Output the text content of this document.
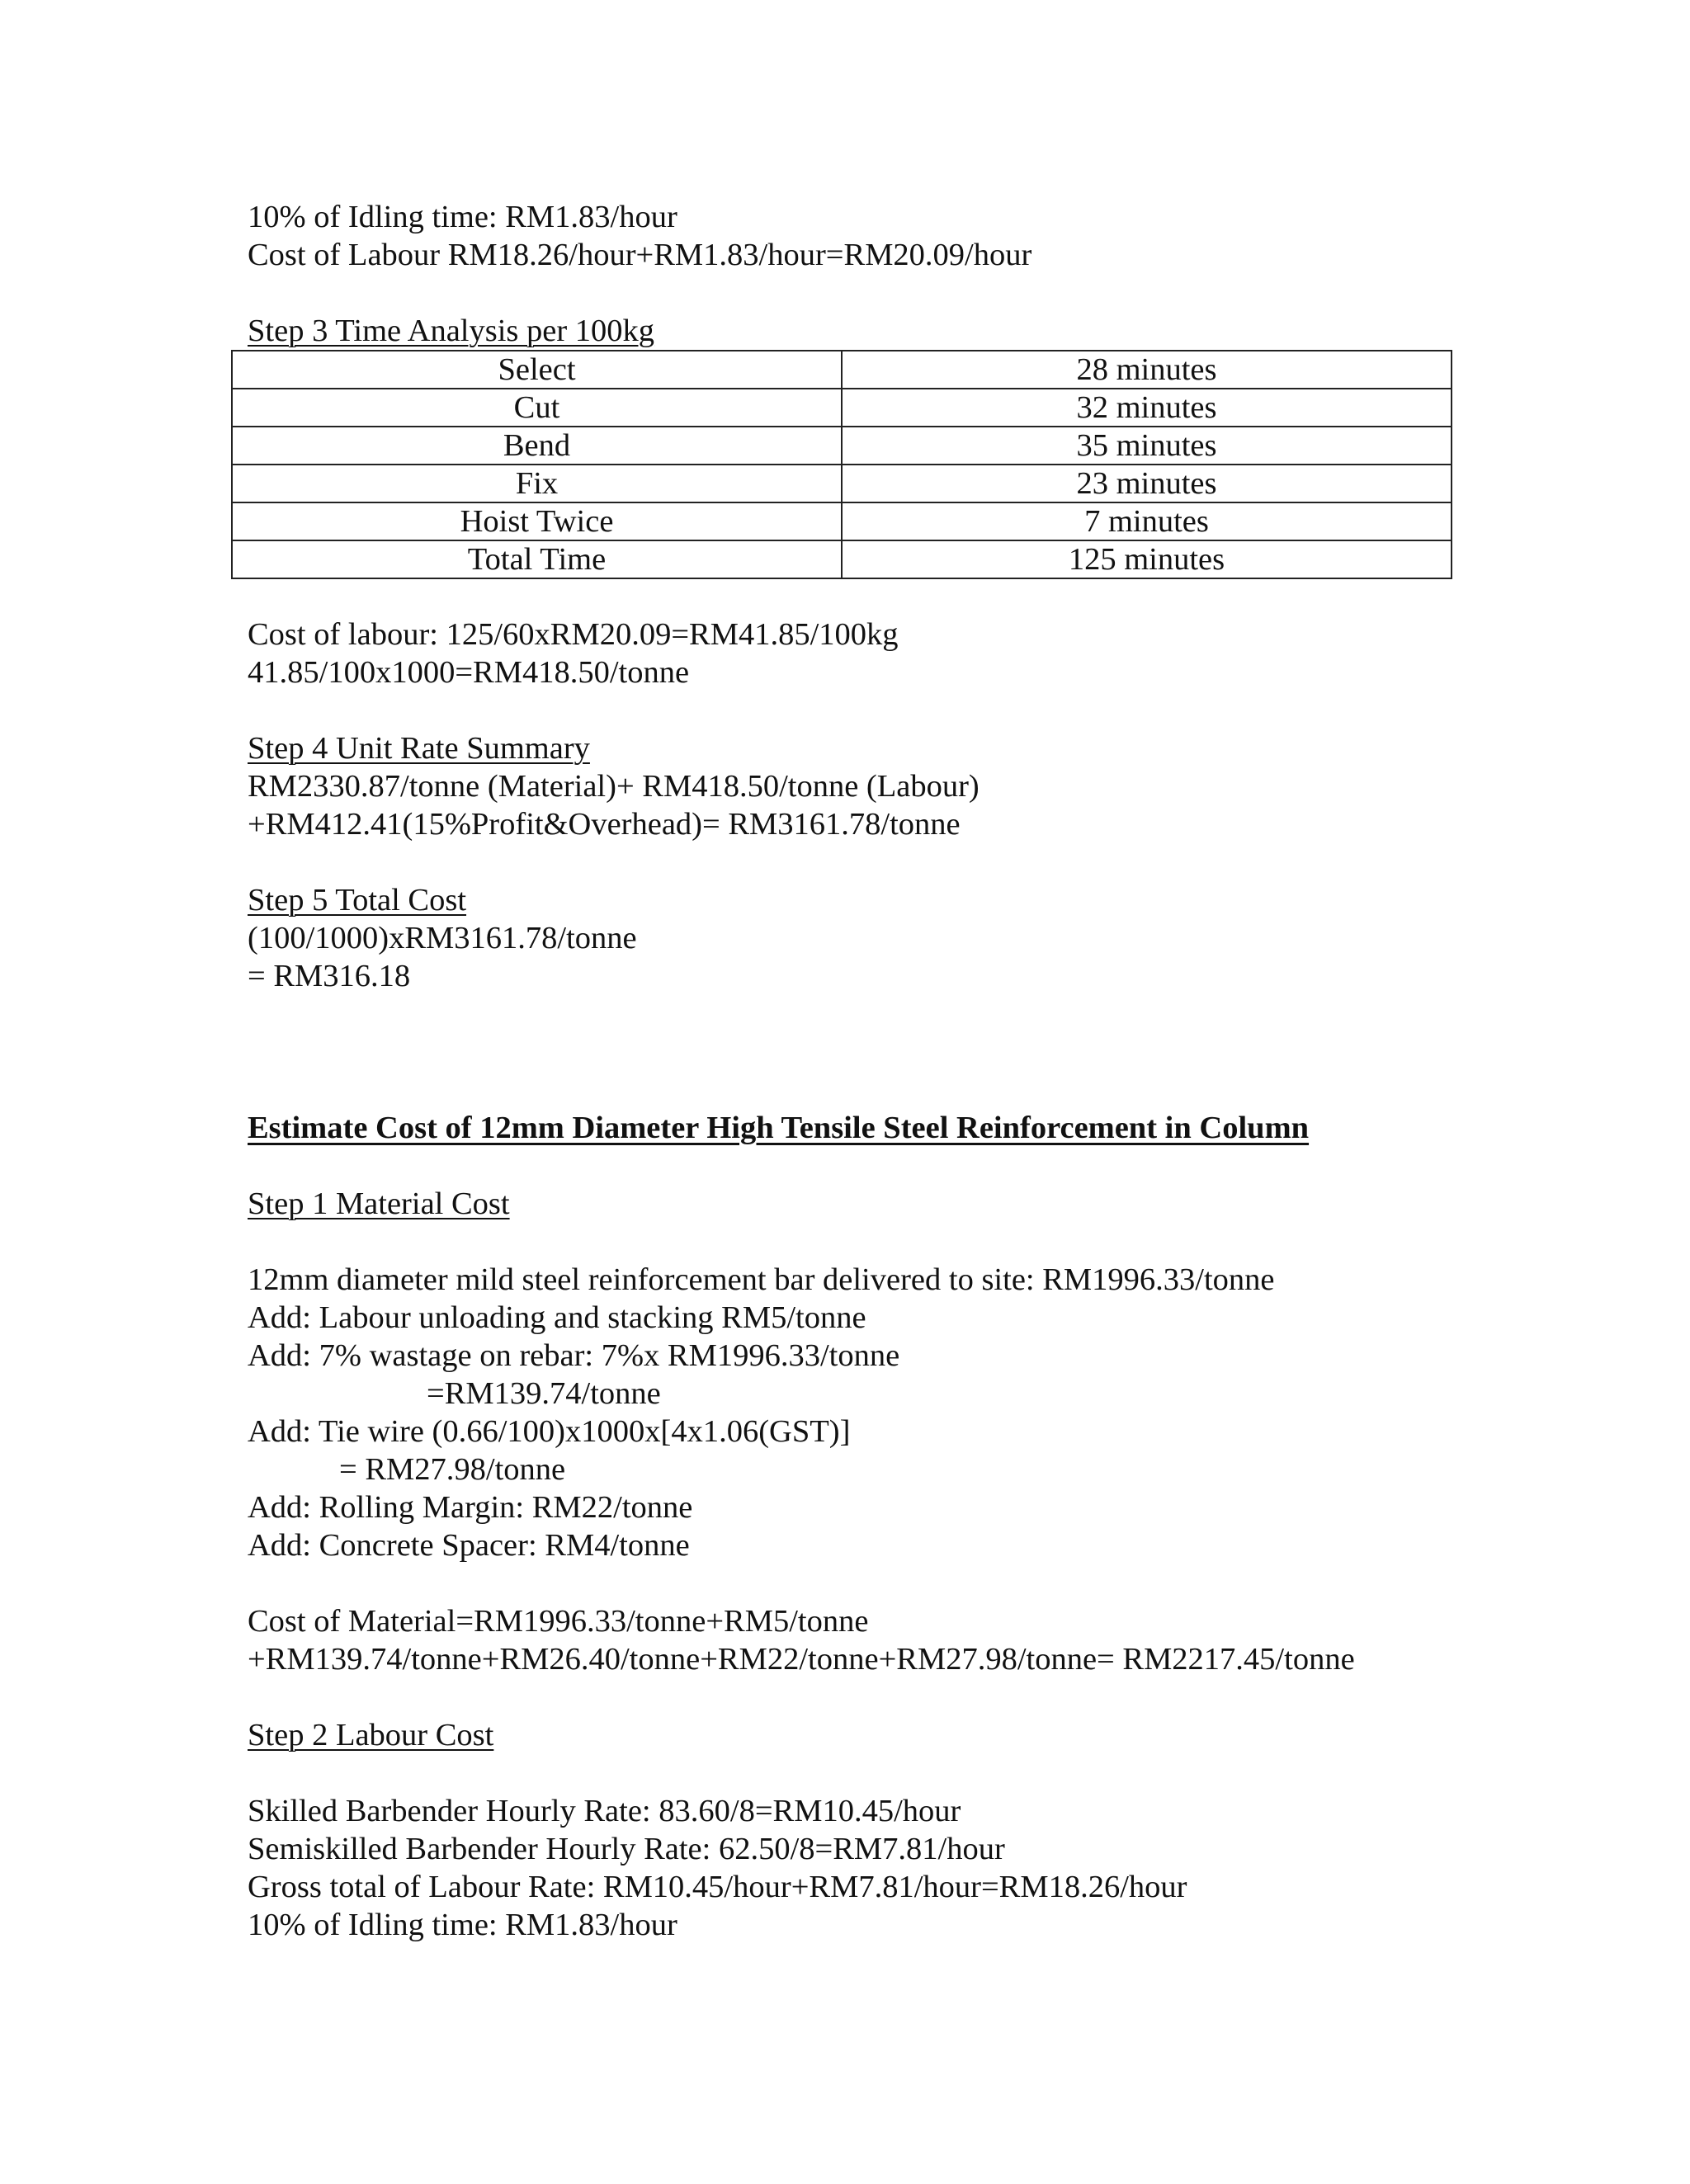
10% of Idling time: RM1.83/hour
Cost of Labour RM18.26/hour+RM1.83/hour=RM20.09/hour
Step 3 Time Analysis per 100kg
Cost of labour: 125/60xRM20.09=RM41.85/100kg
41.85/100x1000=RM418.50/tonne
Step 4 Unit Rate Summary
RM2330.87/tonne (Material)+ RM418.50/tonne (Labour)
+RM412.41(15%Profit&Overhead)= RM3161.78/tonne
Step 5 Total Cost
(100/1000)xRM3161.78/tonne
= RM316.18
Estimate Cost of 12mm Diameter High Tensile Steel Reinforcement in Column
Step 1 Material Cost
12mm diameter mild steel reinforcement bar delivered to site: RM1996.33/tonne
Add: Labour unloading and stacking RM5/tonne
Add: 7% wastage on rebar: 7%x RM1996.33/tonne
=RM139.74/tonne
Add: Tie wire (0.66/100)x1000x[4x1.06(GST)]
= RM27.98/tonne
Add: Rolling Margin: RM22/tonne
Add: Concrete Spacer: RM4/tonne
Cost of Material=RM1996.33/tonne+RM5/tonne
+RM139.74/tonne+RM26.40/tonne+RM22/tonne+RM27.98/tonne= RM2217.45/tonne
Step 2 Labour Cost
Skilled Barbender Hourly Rate: 83.60/8=RM10.45/hour
Semiskilled Barbender Hourly Rate: 62.50/8=RM7.81/hour
Gross total of Labour Rate: RM10.45/hour+RM7.81/hour=RM18.26/hour
10% of Idling time: RM1.83/hour
Select	28 minutes
Cut	32 minutes
Bend	35 minutes
Fix	23 minutes
Hoist Twice	7 minutes
Total Time	125 minutes
